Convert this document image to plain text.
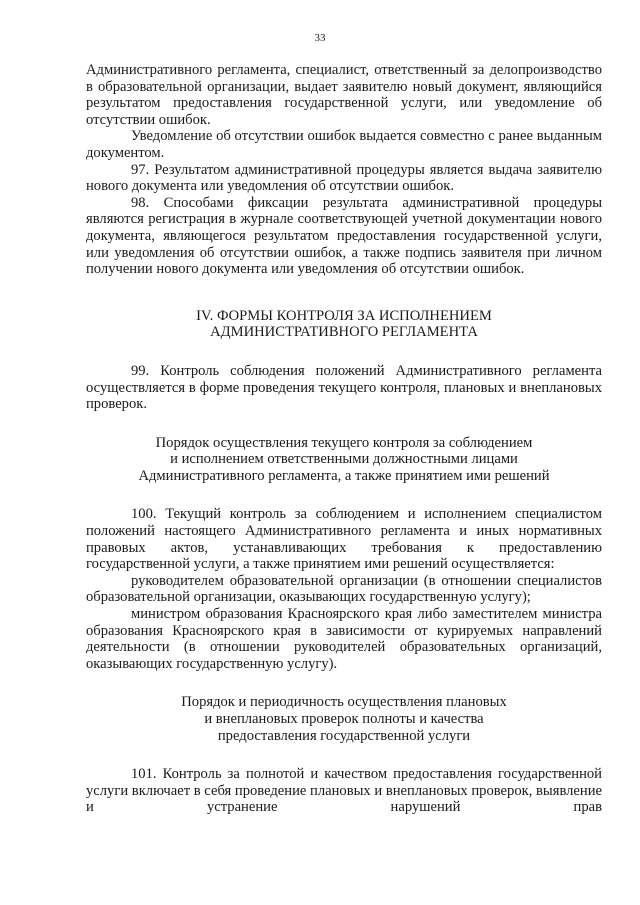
33

Административного регламента, специалист, ответственный за делопроизводство в образовательной организации, выдает заявителю новый документ, являющийся результатом предоставления государственной услуги, или уведомление об отсутствии ошибок.

Уведомление об отсутствии ошибок выдается совместно с ранее выданным документом.

97. Результатом административной процедуры является выдача заявителю нового документа или уведомления об отсутствии ошибок.

98. Способами фиксации результата административной процедуры являются регистрация в журнале соответствующей учетной документации нового документа, являющегося результатом предоставления государственной услуги, или уведомления об отсутствии ошибок, а также подпись заявителя при личном получении нового документа или уведомления об отсутствии ошибок.

IV. ФОРМЫ КОНТРОЛЯ ЗА ИСПОЛНЕНИЕМ

АДМИНИСТРАТИВНОГО РЕГЛАМЕНТА

99. Контроль соблюдения положений Административного регламента осуществляется в форме проведения текущего контроля, плановых и внеплановых проверок.

Порядок осуществления текущего контроля за соблюдением

и исполнением ответственными должностными лицами

Административного регламента, а также принятием ими решений

100. Текущий контроль за соблюдением и исполнением специалистом положений настоящего Административного регламента и иных нормативных правовых актов, устанавливающих требования к предоставлению государственной услуги, а также принятием ими решений осуществляется:

руководителем образовательной организации (в отношении специалистов образовательной организации, оказывающих государственную услугу);

министром образования Красноярского края либо заместителем министра образования Красноярского края в зависимости от курируемых направлений деятельности (в отношении руководителей образовательных организаций, оказывающих государственную услугу).

Порядок и периодичность осуществления плановых

и внеплановых проверок полноты и качества

предоставления государственной услуги

101. Контроль за полнотой и качеством предоставления государственной услуги включает в себя проведение плановых и внеплановых проверок, выявление и устранение нарушений прав
